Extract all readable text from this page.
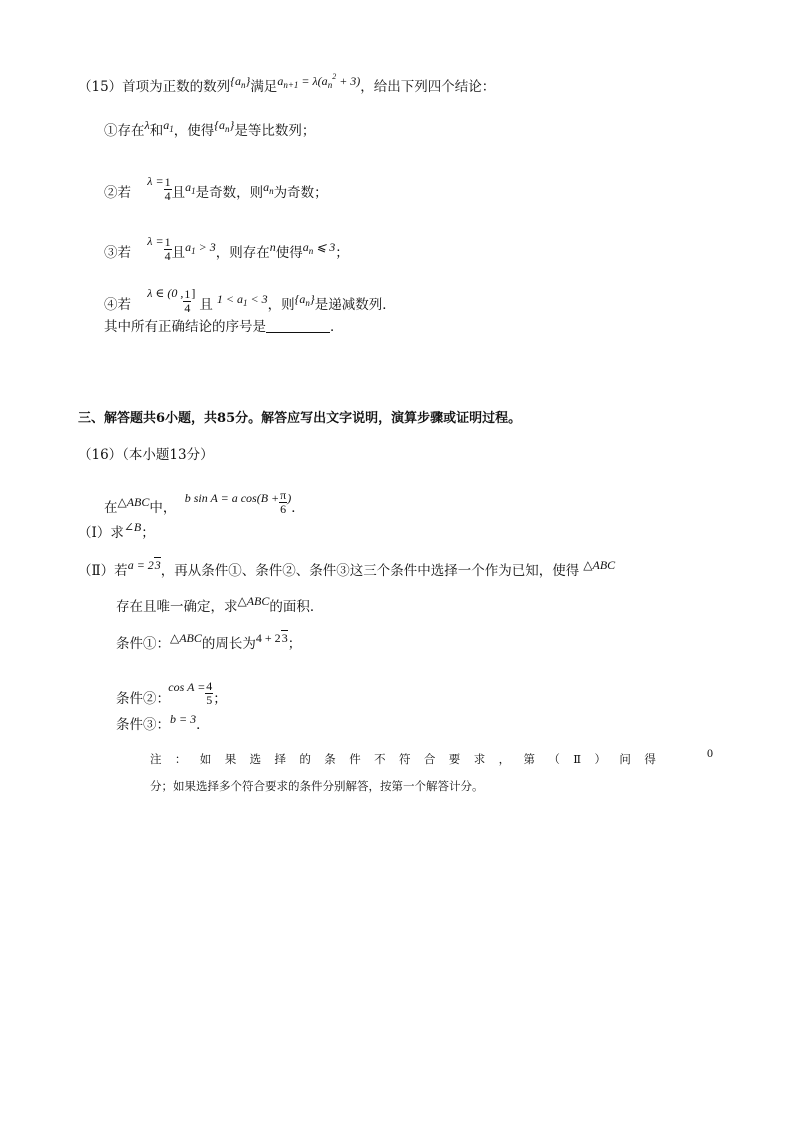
（15）首项为正数的数列$\{a_n\}$满足$a_{n+1} = \lambda(a_n^2 + 3)$，给出下列四个结论：
①存在λ和$a_1$，使得$\{a_n\}$是等比数列；
②若 $\lambda = \frac{1}{4}$ 且$a_1$是奇数，则$a_n$为奇数；
③若 $\lambda = \frac{1}{4}$ 且$a_1 > 3$，则存在n使得$a_n$ ⩽ 3；
④若 λ ∈ (0 , $\frac{1}{4}$ ]且 $1 < a_1 < 3$，则$\{a_n\}$是递减数列．
其中所有正确结论的序号是	．
三、解答题共6小题，共85分。解答应写出文字说明，演算步骤或证明过程。
（16）（本小题13分）
在△ABC中， b sin A = a $\cos(B + \frac{\pi}{6}$ )．
（Ⅰ）求∠B；
（Ⅱ）若a = 23，再从条件①、条件②、条件③这三个条件中选择一个作为已知，使得 △ABC
存在且唯一确定，求△ABC的面积．
条件①：△ABC的周长为4 + 23；
条件②： $\cos A = \frac{4}{5}$ ；
条件③：b = 3．
注：如果选择的条件不符合要求，第（Ⅱ）问得	0
分；如果选择多个符合要求的条件分别解答，按第一个解答计分。
